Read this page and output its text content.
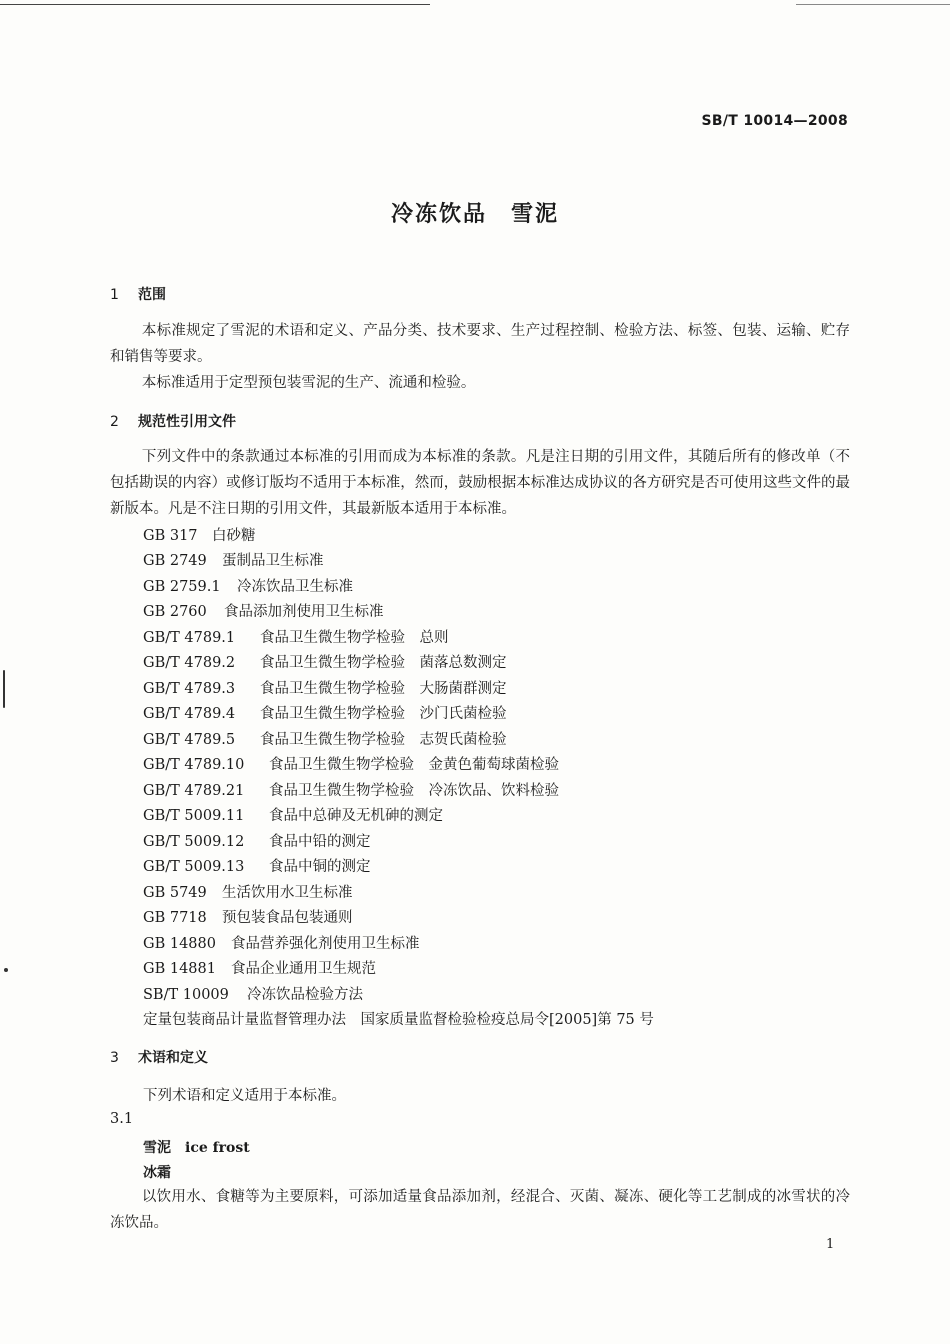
SB/T 10014—2008
冷冻饮品　雪泥
1 范围
本标准规定了雪泥的术语和定义、产品分类、技术要求、生产过程控制、检验方法、标签、包装、运输、贮存和销售等要求。
本标准适用于定型预包装雪泥的生产、流通和检验。
2 规范性引用文件
下列文件中的条款通过本标准的引用而成为本标准的条款。凡是注日期的引用文件，其随后所有的修改单（不包括勘误的内容）或修订版均不适用于本标准，然而，鼓励根据本标准达成协议的各方研究是否可使用这些文件的最新版本。凡是不注日期的引用文件，其最新版本适用于本标准。
GB 317 白砂糖
GB 2749 蛋制品卫生标准
GB 2759.1 冷冻饮品卫生标准
GB 2760 食品添加剂使用卫生标准
GB/T 4789.1 食品卫生微生物学检验　总则
GB/T 4789.2 食品卫生微生物学检验　菌落总数测定
GB/T 4789.3 食品卫生微生物学检验　大肠菌群测定
GB/T 4789.4 食品卫生微生物学检验　沙门氏菌检验
GB/T 4789.5 食品卫生微生物学检验　志贺氏菌检验
GB/T 4789.10 食品卫生微生物学检验　金黄色葡萄球菌检验
GB/T 4789.21 食品卫生微生物学检验　冷冻饮品、饮料检验
GB/T 5009.11 食品中总砷及无机砷的测定
GB/T 5009.12 食品中铅的测定
GB/T 5009.13 食品中铜的测定
GB 5749 生活饮用水卫生标准
GB 7718 预包装食品包装通则
GB 14880 食品营养强化剂使用卫生标准
GB 14881 食品企业通用卫生规范
SB/T 10009 冷冻饮品检验方法
定量包装商品计量监督管理办法　国家质量监督检验检疫总局令[2005]第 75 号
3 术语和定义
下列术语和定义适用于本标准。
3.1
雪泥 ice frost
冰霜
以饮用水、食糖等为主要原料，可添加适量食品添加剂，经混合、灭菌、凝冻、硬化等工艺制成的冰雪状的冷冻饮品。
1
